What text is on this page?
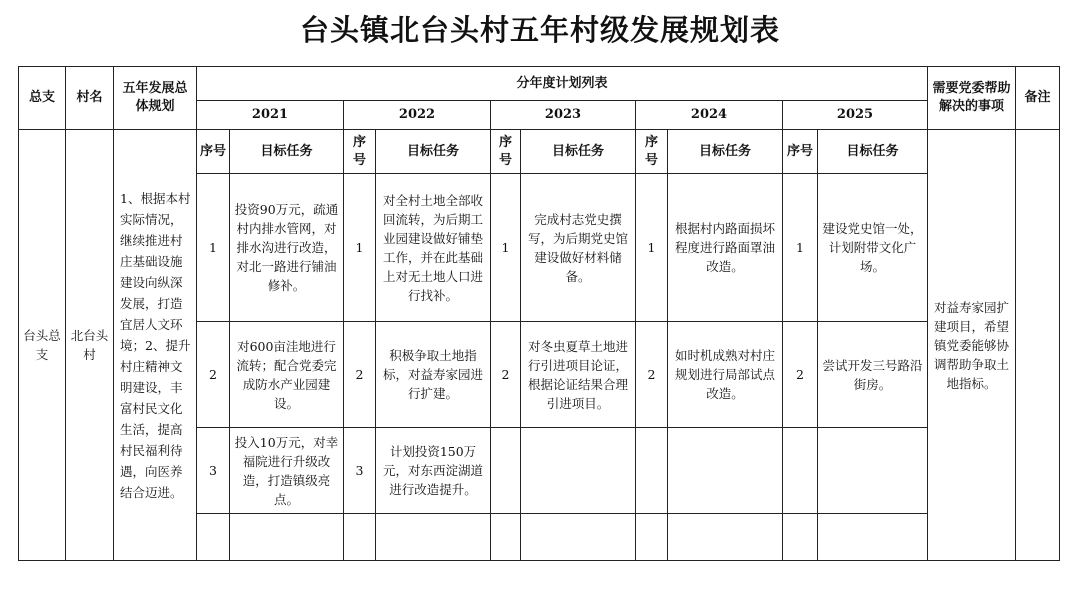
台头镇北台头村五年村级发展规划表
总支	村名	五年发展总体规划	分年度计划列表										需要党委帮助解决的事项	备注
			2021		2022		2023		2024		2025			
台头总支	北台头村	1、根据本村实际情况，继续推进村庄基础设施建设向纵深发展，打造宜居人文环境；2、提升村庄精神文明建设，丰富村民文化生活，提高村民福利待遇，向医养结合迈进。	序号	目标任务	序号	目标任务	序号	目标任务	序号	目标任务	序号	目标任务	对益寿家园扩建项目，希望镇党委能够协调帮助争取土地指标。	
			1	投资90万元，疏通村内排水管网，对排水沟进行改造，对北一路进行铺油修补。	1	对全村土地全部收回流转，为后期工业园建设做好铺垫工作，并在此基础上对无土地人口进行找补。	1	完成村志党史撰写，为后期党史馆建设做好材料储备。	1	根据村内路面损坏程度进行路面罩油改造。	1	建设党史馆一处，计划附带文化广场。		
			2	对600亩洼地进行流转；配合党委完成防水产业园建设。	2	积极争取土地指标，对益寿家园进行扩建。	2	对冬虫夏草土地进行引进项目论证，根据论证结果合理引进项目。	2	如时机成熟对村庄规划进行局部试点改造。	2	尝试开发三号路沿街房。		
			3	投入10万元，对幸福院进行升级改造，打造镇级亮点。	3	计划投资150万元，对东西淀湖道进行改造提升。								
